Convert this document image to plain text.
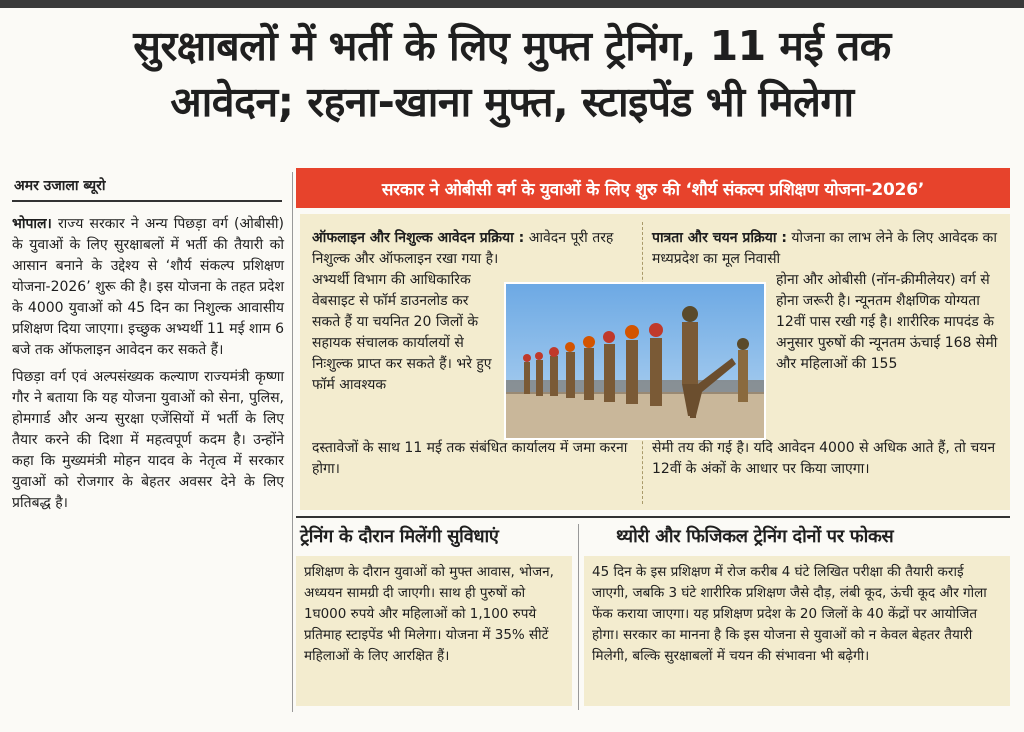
सुरक्षाबलों में भर्ती के लिए मुफ्त ट्रेनिंग, 11 मई तक
आवेदन; रहना-खाना मुफ्त, स्टाइपेंड भी मिलेगा
अमर उजाला ब्यूरो

भोपाल। राज्य सरकार ने अन्य पिछड़ा वर्ग (ओबीसी) के युवाओं के लिए सुरक्षाबलों में भर्ती की तैयारी को आसान बनाने के उद्देश्य से ‘शौर्य संकल्प प्रशिक्षण योजना-2026’ शुरू की है। इस योजना के तहत प्रदेश के 4000 युवाओं को 45 दिन का निशुल्क आवासीय प्रशिक्षण दिया जाएगा। इच्छुक अभ्यर्थी 11 मई शाम 6 बजे तक ऑफलाइन आवेदन कर सकते हैं।

पिछड़ा वर्ग एवं अल्पसंख्यक कल्याण राज्यमंत्री कृष्णा गौर ने बताया कि यह योजना युवाओं को सेना, पुलिस, होमगार्ड और अन्य सुरक्षा एजेंसियों में भर्ती के लिए तैयार करने की दिशा में महत्वपूर्ण कदम है। उन्होंने कहा कि मुख्यमंत्री मोहन यादव के नेतृत्व में सरकार युवाओं को रोजगार के बेहतर अवसर देने के लिए प्रतिबद्ध है।

सरकार ने ओबीसी वर्ग के युवाओं के लिए शुरु की ‘शौर्य संकल्प प्रशिक्षण योजना-2026’
ऑफलाइन और निशुल्क आवेदन प्रक्रिया : आवेदन पूरी तरह निशुल्क और ऑफलाइन रखा गया है।
अभ्यर्थी विभाग की आधिकारिक वेबसाइट से फॉर्म डाउनलोड कर सकते हैं या चयनित 20 जिलों के सहायक संचालक कार्यालयों से निःशुल्क प्राप्त कर सकते हैं। भरे हुए फॉर्म आवश्यक
दस्तावेजों के साथ 11 मई तक संबंधित कार्यालय में जमा करना होगा।
पात्रता और चयन प्रक्रिया : योजना का लाभ लेने के लिए आवेदक का मध्यप्रदेश का मूल निवासी
होना और ओबीसी (नॉन-क्रीमीलेयर) वर्ग से होना जरूरी है। न्यूनतम शैक्षणिक योग्यता 12वीं पास रखी गई है। शारीरिक मापदंड के अनुसार पुरुषों की न्यूनतम ऊंचाई 168 सेमी और महिलाओं की 155
सेमी तय की गई है। यदि आवेदन 4000 से अधिक आते हैं, तो चयन 12वीं के अंकों के आधार पर किया जाएगा।
ट्रेनिंग के दौरान मिलेंगी सुविधाएं
प्रशिक्षण के दौरान युवाओं को मुफ्त आवास, भोजन, अध्ययन सामग्री दी जाएगी। साथ ही पुरुषों को 1घ000 रुपये और महिलाओं को 1,100 रुपये प्रतिमाह स्टाइपेंड भी मिलेगा। योजना में 35% सीटें महिलाओं के लिए आरक्षित हैं।
थ्योरी और फिजिकल ट्रेनिंग दोनों पर फोकस
45 दिन के इस प्रशिक्षण में रोज करीब 4 घंटे लिखित परीक्षा की तैयारी कराई जाएगी, जबकि 3 घंटे शारीरिक प्रशिक्षण जैसे दौड़, लंबी कूद, ऊंची कूद और गोला फेंक कराया जाएगा। यह प्रशिक्षण प्रदेश के 20 जिलों के 40 केंद्रों पर आयोजित होगा। सरकार का मानना है कि इस योजना से युवाओं को न केवल बेहतर तैयारी मिलेगी, बल्कि सुरक्षाबलों में चयन की संभावना भी बढ़ेगी।
